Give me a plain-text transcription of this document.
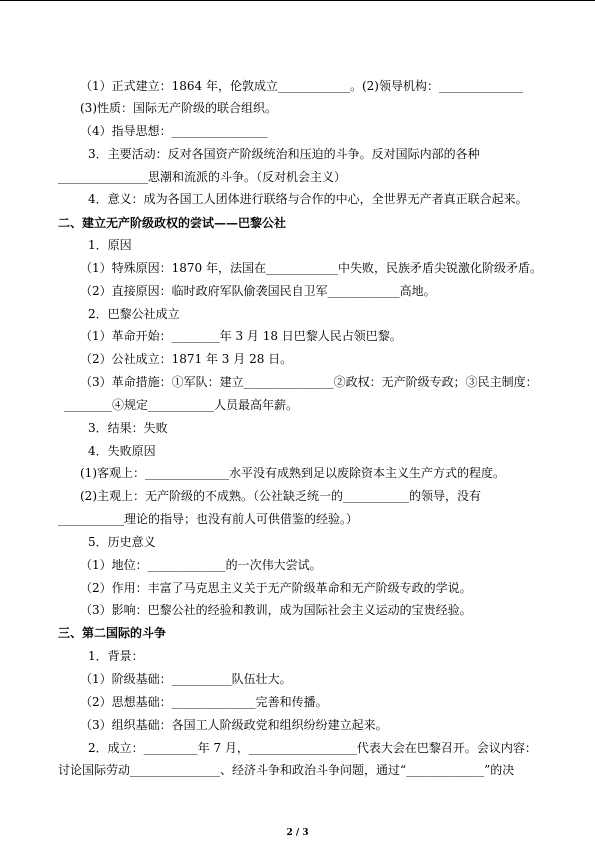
（1）正式建立：1864 年，伦敦成立____________。(2)领导机构：______________
(3)性质：国际无产阶级的联合组织。
（4）指导思想：________________
3．主要活动：反对各国资产阶级统治和压迫的斗争。反对国际内部的各种
_______________思潮和流派的斗争。（反对机会主义）
4．意义：成为各国工人团体进行联络与合作的中心，全世界无产者真正联合起来。
二、建立无产阶级政权的尝试——巴黎公社
1．原因
（1）特殊原因：1870 年，法国在____________中失败，民族矛盾尖锐激化阶级矛盾。
（2）直接原因：临时政府军队偷袭国民自卫军____________高地。
2．巴黎公社成立
（1）革命开始：________年 3 月 18 日巴黎人民占领巴黎。
（2）公社成立：1871 年 3 月 28 日。
（3）革命措施：①军队：建立_______________②政权：无产阶级专政；③民主制度：
________④规定___________人员最高年薪。
3．结果：失败
4．失败原因
(1)客观上：______________水平没有成熟到足以废除资本主义生产方式的程度。
(2)主观上：无产阶级的不成熟。（公社缺乏统一的___________的领导，没有
___________理论的指导；也没有前人可供借鉴的经验。）
5．历史意义
（1）地位：_____________的一次伟大尝试。
（2）作用：丰富了马克思主义关于无产阶级革命和无产阶级专政的学说。
（3）影响：巴黎公社的经验和教训，成为国际社会主义运动的宝贵经验。
三、第二国际的斗争
1．背景：
（1）阶级基础：__________队伍壮大。
（2）思想基础：______________完善和传播。
（3）组织基础：各国工人阶级政党和组织纷纷建立起来。
2．成立：_________年 7 月，__________________代表大会在巴黎召开。会议内容：
讨论国际劳动_______________、经济斗争和政治斗争问题，通过“_____________”的决
2 / 3
